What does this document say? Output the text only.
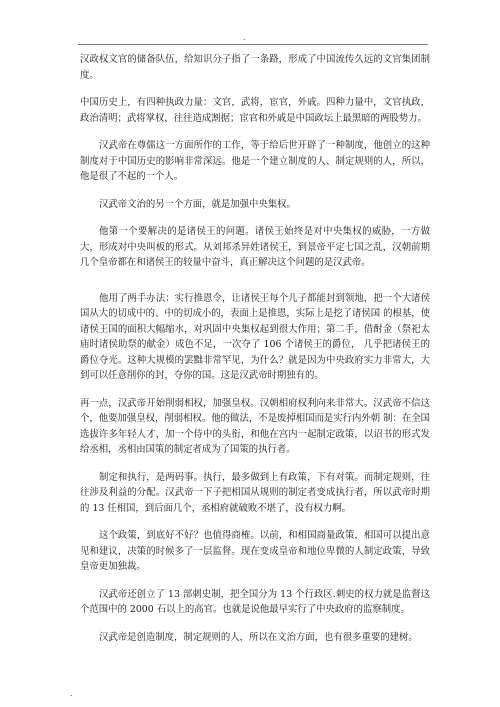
.

汉政权文官的储备队伍，给知识分子指了一条路，形成了中国流传久远的文官集团制度。

中国历史上，有四种执政力量：文官，武将，宦官，外戚。四种力量中，文官执政，政治清明；武将掌权，往往造成割据；宦官和外戚是中国政坛上最黑暗的两股势力。

汉武帝在尊儒这一方面所作的工作，等于给后世开辟了一种制度，他创立的这种制度对于中国历史的影响非常深远。他是一个建立制度的人、制定规则的人，所以，他是很了不起的一个人。

汉武帝文治的另一个方面，就是加强中央集权。

他第一个要解决的是诸侯王的问题。诸侯王始终是对中央集权的威胁，一方做大，形成对中央叫板的形式。从刘邦杀异姓诸侯王，到景帝平定七国之乱，汉朝前期几个皇帝都在和诸侯王的较量中奋斗，真正解决这个问题的是汉武帝。

他用了两手办法：实行推恩令，让诸侯王每个儿子都能封到领地，把一个大诸侯国从大的切成中的、中的切成小的，表面上是推恩，实际上是挖了诸侯国 的根基，使诸侯王国的面积大幅缩水，对巩固中央集权起到很大作用；第二手，借酎金（祭祀太庙时诸侯助祭的献金）成色不足，一次夺了 106 个诸侯王的爵位， 几乎把诸侯王的爵位夺光。这种大规模的罢黜非常罕见，为什么？就是因为中央政府实力非常大，大到可以任意削你的封，夺你的国。这是汉武帝时期独有的。

再一点，汉武帝开始削弱相权，加强皇权。汉朝相府权利向来非常大。汉武帝不信这个，他要加强皇权，削弱相权。他的做法，不是废掉相国而是实行内外朝 制：在全国选拔许多年轻人才，加一个侍中的头衔，和他在宫内一起制定政策，以诏书的形式发给丞相，丞相由国策的制定者成为了国策的执行者。

制定和执行，是两码事。执行，最多做到上有政策，下有对策。而制定规则，往往涉及利益的分配。汉武帝一下子把相国从规则的制定者变成执行者，所以武帝时期的 13 任相国，到后面几个，丞相府就破败不堪了，没有权力啊。

这个政策，到底好不好？也值得商榷。以前，和相国商量政策，相国可以提出意见和建议，决策的时候多了一层监督。现在变成皇帝和地位卑微的人制定政策，导致皇帝更加独裁。

汉武帝还创立了 13 部刺史制，把全国分为 13 个行政区.刺史的权力就是监督这个范围中的 2000 石以上的高官。也就是说他最早实行了中央政府的监察制度。

汉武帝是创造制度，制定规则的人，所以在文治方面，也有很多重要的建树。

.
